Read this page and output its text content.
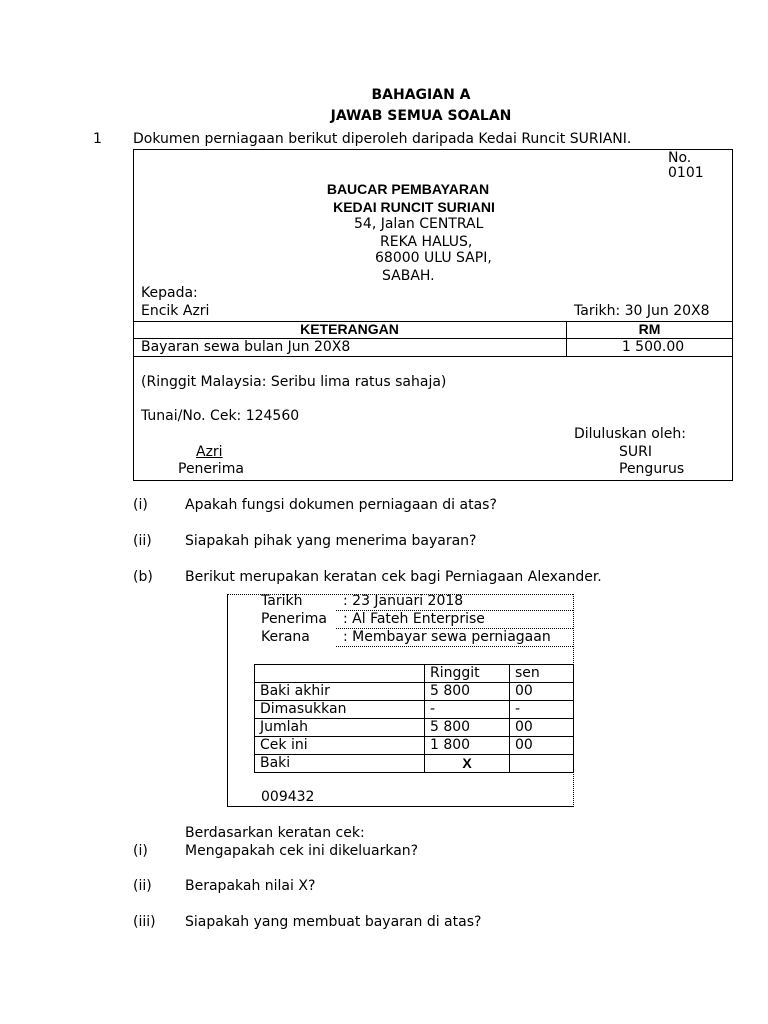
BAHAGIAN A
JAWAB SEMUA SOALAN
1 Dokumen perniagaan berikut diperoleh daripada Kedai Runcit SURIANI.
No.
0101
BAUCAR PEMBAYARAN
KEDAI RUNCIT SURIANI
54, Jalan CENTRAL
REKA HALUS,
68000 ULU SAPI,
SABAH.
Kepada:
Encik Azri	Tarikh: 30 Jun 20X8
KETERANGAN	RM
Bayaran sewa bulan Jun 20X8	1 500.00
(Ringgit Malaysia: Seribu lima ratus sahaja)
Tunai/No. Cek: 124560
Diluluskan oleh:
Azri	SURI
Penerima	Pengurus
(i)	Apakah fungsi dokumen perniagaan di atas?
(ii) Siapakah pihak yang menerima bayaran?
(b) Berikut merupakan keratan cek bagi Perniagaan Alexander.
Tarikh	: 23 Januari 2018
Penerima : Al Fateh Enterprise
Kerana : Membayar sewa perniagaan
	Ringgit	sen
Baki akhir	5 800	00
Dimasukkan	-	-
Jumlah	5 800	00
Cek ini	1 800	00
Baki	X	
009432
Berdasarkan keratan cek:
(i)	Mengapakah cek ini dikeluarkan?
(ii) Berapakah nilai X?
(iii) Siapakah yang membuat bayaran di atas?
